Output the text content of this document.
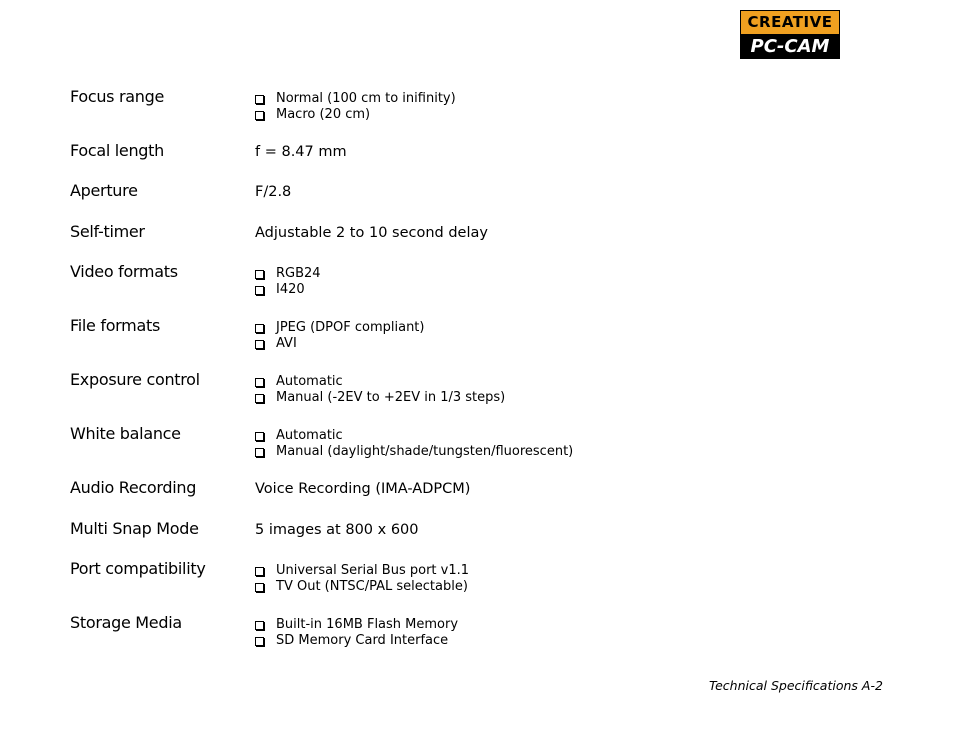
CREATIVE
PC-CAM
Focus range	Normal (100 cm to inifinity)
Macro (20 cm)
Focal length	f = 8.47 mm
Aperture	F/2.8
Self-timer	Adjustable 2 to 10 second delay
Video formats	RGB24
I420
File formats	JPEG (DPOF compliant)
AVI
Exposure control	Automatic
Manual (-2EV to +2EV in 1/3 steps)
White balance	Automatic
Manual (daylight/shade/tungsten/fluorescent)
Audio Recording	Voice Recording (IMA-ADPCM)
Multi Snap Mode	5 images at 800 x 600
Port compatibility	Universal Serial Bus port v1.1
TV Out (NTSC/PAL selectable)
Storage Media	Built-in 16MB Flash Memory
SD Memory Card Interface
Technical Specifications A-2
